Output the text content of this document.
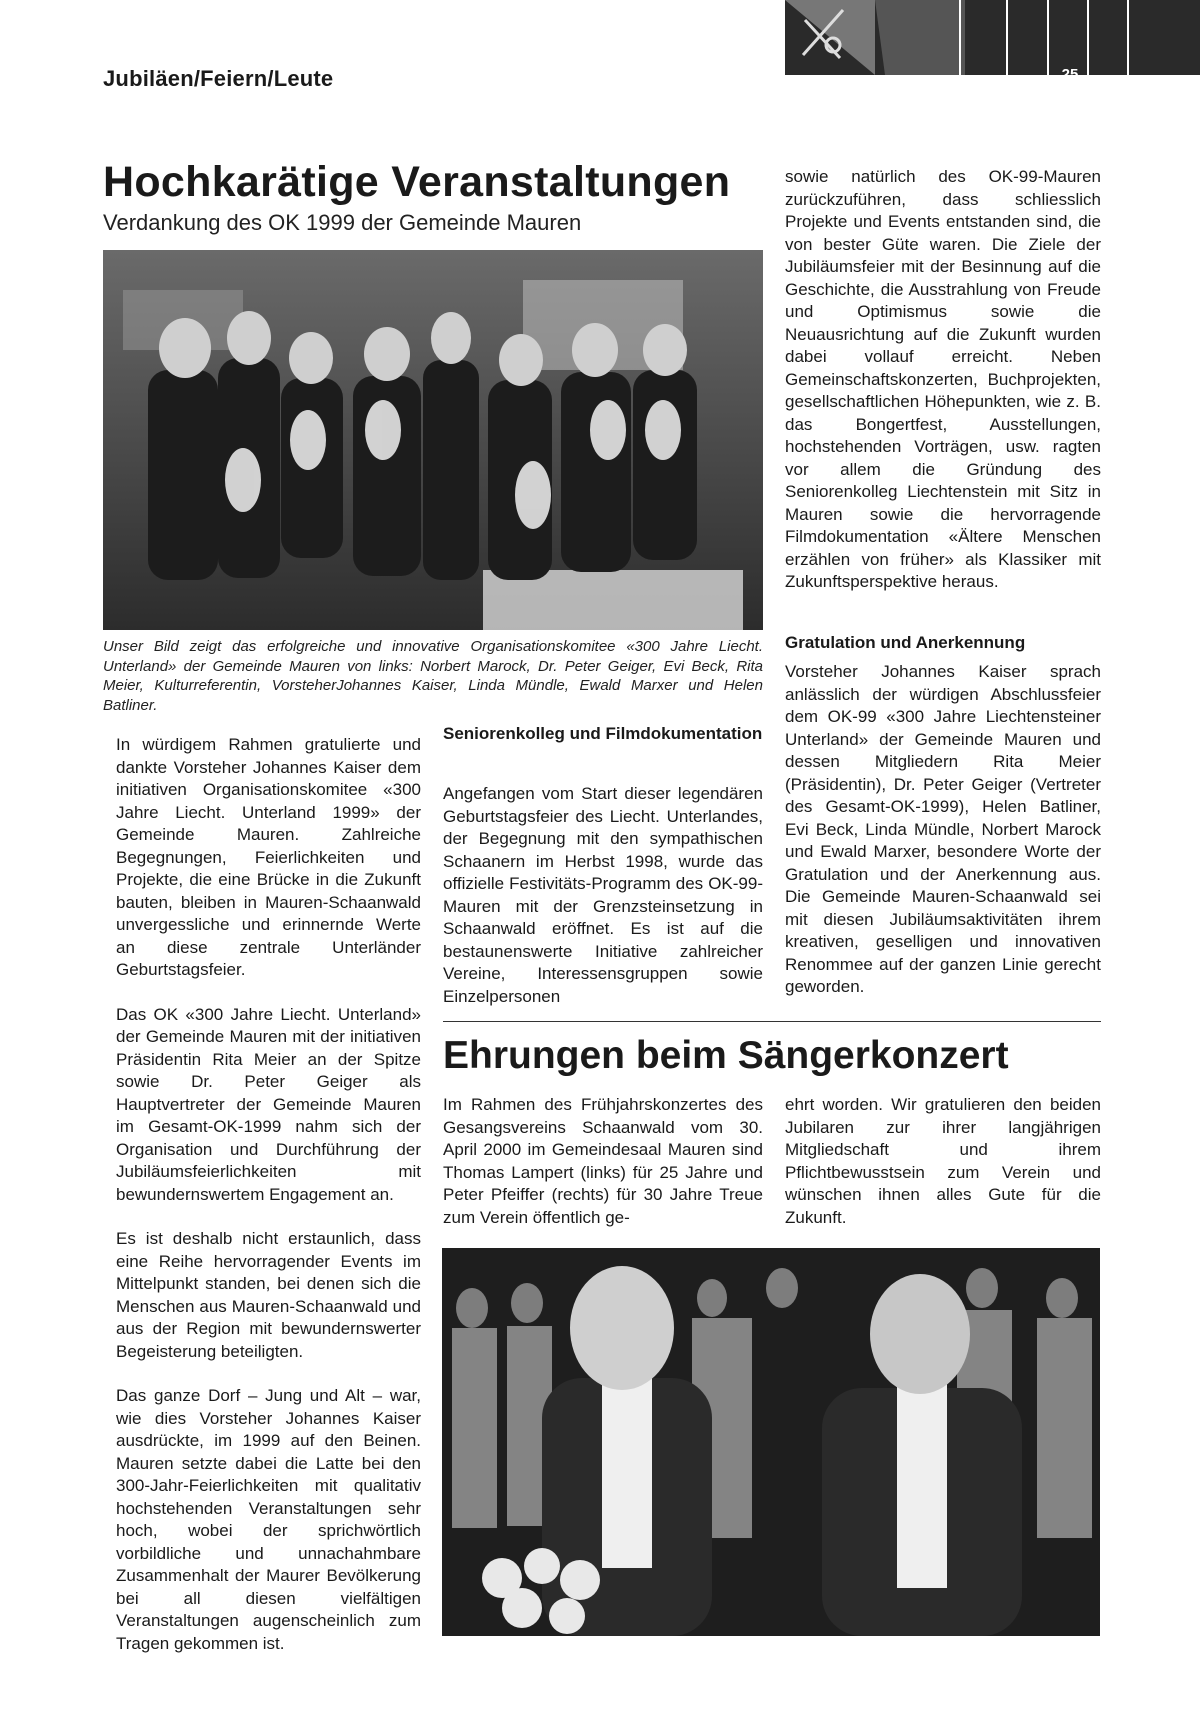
Jubiläen/Feiern/Leute	25
Hochkarätige Veranstaltungen
Verdankung des OK 1999 der Gemeinde Mauren
Unser Bild zeigt das erfolgreiche und innovative Organisationskomitee «300 Jahre Liecht. Unterland» der Gemeinde Mauren von links: Norbert Marock, Dr. Peter Geiger, Evi Beck, Rita Meier, Kulturreferentin, VorsteherJohannes Kaiser, Linda Mündle, Ewald Marxer und Helen Batliner.

In würdigem Rahmen gratulierte und dankte Vorsteher Johannes Kaiser dem initiativen Organisationskomitee «300 Jahre Liecht. Unterland 1999» der Gemeinde Mauren. Zahlreiche Begegnungen, Feierlichkeiten und Projekte, die eine Brücke in die Zukunft bauten, bleiben in Mauren-Schaanwald unvergessliche und erinnernde Werte an diese zentrale Unterländer Geburtstagsfeier.

Das OK «300 Jahre Liecht. Unterland» der Gemeinde Mauren mit der initiativen Präsidentin Rita Meier an der Spitze sowie Dr. Peter Geiger als Hauptvertreter der Gemeinde Mauren im Gesamt-OK-1999 nahm sich der Organisation und Durchführung der Jubiläumsfeierlichkeiten mit bewundernswertem Engagement an.

Es ist deshalb nicht erstaunlich, dass eine Reihe hervorragender Events im Mittelpunkt standen, bei denen sich die Menschen aus Mauren-Schaanwald und aus der Region mit bewundernswerter Begeisterung beteiligten.

Das ganze Dorf – Jung und Alt – war, wie dies Vorsteher Johannes Kaiser ausdrückte, im 1999 auf den Beinen. Mauren setzte dabei die Latte bei den 300-Jahr-Feierlichkeiten mit qualitativ hochstehenden Veranstaltungen sehr hoch, wobei der sprichwörtlich vorbildliche und unnachahmbare Zusammenhalt der Maurer Bevölkerung bei all diesen vielfältigen Veranstaltungen augenscheinlich zum Tragen gekommen ist.

Seniorenkolleg und Filmdokumentation

Angefangen vom Start dieser legendären Geburtstagsfeier des Liecht. Unterlandes, der Begegnung mit den sympathischen Schaanern im Herbst 1998, wurde das offizielle Festivitäts-Programm des OK-99-Mauren mit der Grenzsteinsetzung in Schaanwald eröffnet. Es ist auf die bestaunenswerte Initiative zahlreicher Vereine, Interessensgruppen sowie Einzelpersonen

sowie natürlich des OK-99-Mauren zurückzuführen, dass schliesslich Projekte und Events entstanden sind, die von bester Güte waren. Die Ziele der Jubiläumsfeier mit der Besinnung auf die Geschichte, die Ausstrahlung von Freude und Optimismus sowie die Neuausrichtung auf die Zukunft wurden dabei vollauf erreicht. Neben Gemeinschaftskonzerten, Buchprojekten, gesellschaftlichen Höhepunkten, wie z. B. das Bongertfest, Ausstellungen, hochstehenden Vorträgen, usw. ragten vor allem die Gründung des Seniorenkolleg Liechtenstein mit Sitz in Mauren sowie die hervorragende Filmdokumentation «Ältere Menschen erzählen von früher» als Klassiker mit Zukunftsperspektive heraus.

Gratulation und Anerkennung

Vorsteher Johannes Kaiser sprach anlässlich der würdigen Abschlussfeier dem OK-99 «300 Jahre Liechtensteiner Unterland» der Gemeinde Mauren und dessen Mitgliedern Rita Meier (Präsidentin), Dr. Peter Geiger (Vertreter des Gesamt-OK-1999), Helen Batliner, Evi Beck, Linda Mündle, Norbert Marock und Ewald Marxer, besondere Worte der Gratulation und der Anerkennung aus. Die Gemeinde Mauren-Schaanwald sei mit diesen Jubiläumsaktivitäten ihrem kreativen, geselligen und innovativen Renommee auf der ganzen Linie gerecht geworden.

Ehrungen beim Sängerkonzert

Im Rahmen des Frühjahrskonzertes des Gesangsvereins Schaanwald vom 30. April 2000 im Gemeindesaal Mauren sind Thomas Lampert (links) für 25 Jahre und Peter Pfeiffer (rechts) für 30 Jahre Treue zum Verein öffentlich ge-

ehrt worden. Wir gratulieren den beiden Jubilaren zur ihrer langjährigen Mitgliedschaft und ihrem Pflichtbewusstsein zum Verein und wünschen ihnen alles Gute für die Zukunft.
